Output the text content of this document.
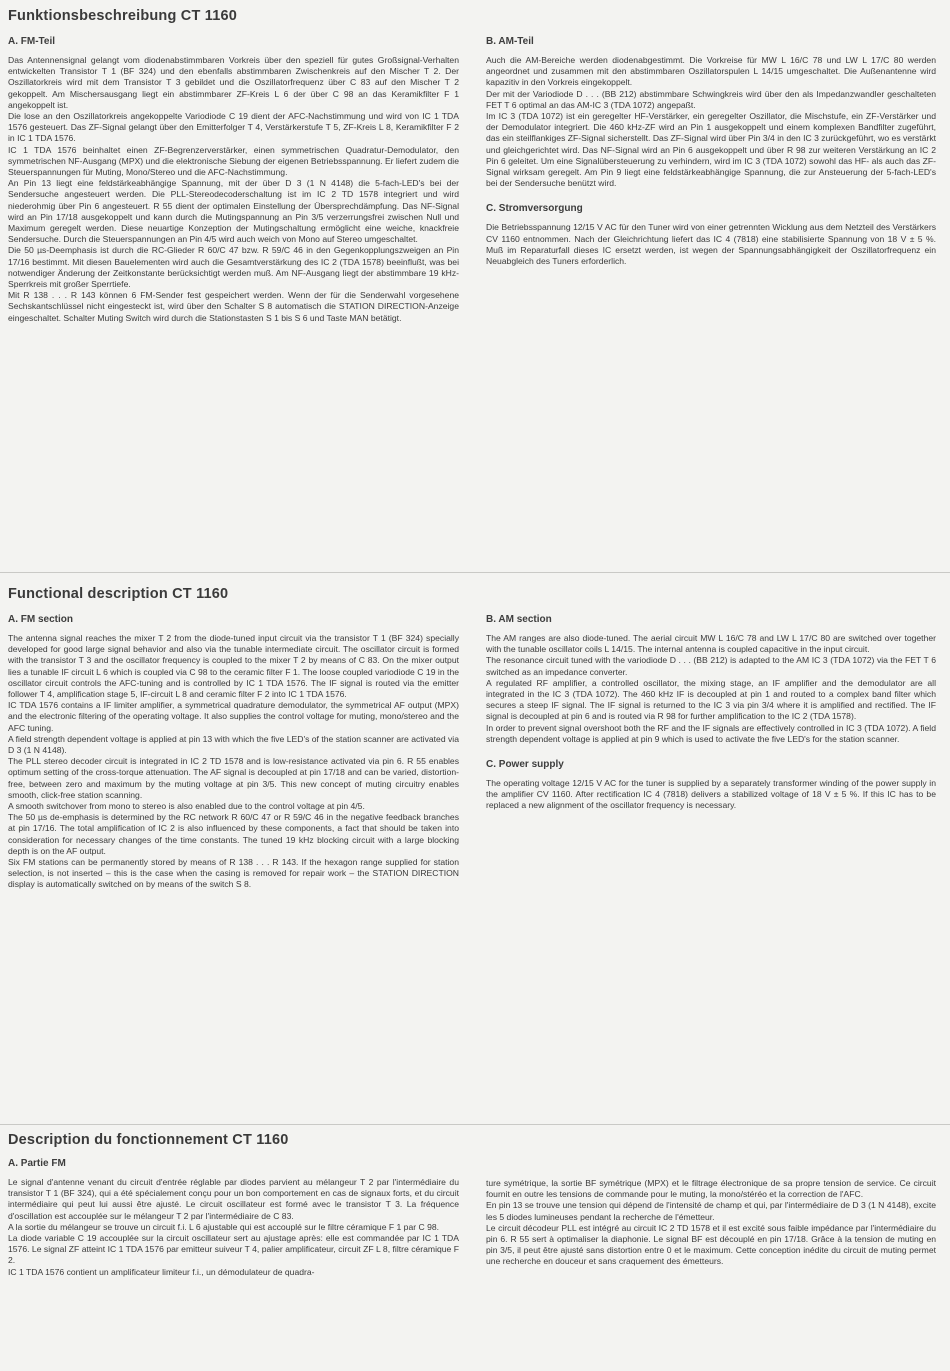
Funktionsbeschreibung CT 1160
A. FM-Teil

Das Antennensignal gelangt vom diodenabstimmbaren Vorkreis über den speziell für gutes Großsignal-Verhalten entwickelten Transistor T 1 (BF 324) und den ebenfalls abstimmbaren Zwischenkreis auf den Mischer T 2. Der Oszillatorkreis wird mit dem Transistor T 3 gebildet und die Oszillatorfrequenz über C 83 auf den Mischer T 2 gekoppelt. Am Mischersausgang liegt ein abstimmbarer ZF-Kreis L 6 der über C 98 an das Keramikfilter F 1 angekoppelt ist.

Die lose an den Oszillatorkreis angekoppelte Variodiode C 19 dient der AFC-Nachstimmung und wird von IC 1 TDA 1576 gesteuert. Das ZF-Signal gelangt über den Emitterfolger T 4, Verstärkerstufe T 5, ZF-Kreis L 8, Keramikfilter F 2 in IC 1 TDA 1576.

IC 1 TDA 1576 beinhaltet einen ZF-Begrenzerverstärker, einen symmetrischen Quadratur-Demodulator, den symmetrischen NF-Ausgang (MPX) und die elektronische Siebung der eigenen Betriebsspannung. Er liefert zudem die Steuerspannungen für Muting, Mono/Stereo und die AFC-Nachstimmung.

An Pin 13 liegt eine feldstärkeabhängige Spannung, mit der über D 3 (1 N 4148) die 5-fach-LED's bei der Sendersuche angesteuert werden. Die PLL-Stereodecoderschaltung ist im IC 2 TD 1578 integriert und wird niederohmig über Pin 6 angesteuert. R 55 dient der optimalen Einstellung der Übersprechdämpfung. Das NF-Signal wird an Pin 17/18 ausgekoppelt und kann durch die Mutingspannung an Pin 3/5 verzerrungsfrei zwischen Null und Maximum geregelt werden. Diese neuartige Konzeption der Mutingschaltung ermöglicht eine weiche, knackfreie Sendersuche. Durch die Steuerspannungen an Pin 4/5 wird auch weich von Mono auf Stereo umgeschaltet.

Die 50 µs-Deemphasis ist durch die RC-Glieder R 60/C 47 bzw. R 59/C 46 in den Gegenkopplungszweigen an Pin 17/16 bestimmt. Mit diesen Bauelementen wird auch die Gesamtverstärkung des IC 2 (TDA 1578) beeinflußt, was bei notwendiger Änderung der Zeitkonstante berücksichtigt werden muß. Am NF-Ausgang liegt der abstimmbare 19 kHz-Sperrkreis mit großer Sperrtiefe.

Mit R 138 . . . R 143 können 6 FM-Sender fest gespeichert werden. Wenn der für die Senderwahl vorgesehene Sechskantschlüssel nicht eingesteckt ist, wird über den Schalter S 8 automatisch die STATION DIRECTION-Anzeige eingeschaltet. Schalter Muting Switch wird durch die Stationstasten S 1 bis S 6 und Taste MAN betätigt.

B. AM-Teil

Auch die AM-Bereiche werden diodenabgestimmt. Die Vorkreise für MW L 16/C 78 und LW L 17/C 80 werden angeordnet und zusammen mit den abstimmbaren Oszillatorspulen L 14/15 umgeschaltet. Die Außenantenne wird kapazitiv in den Vorkreis eingekoppelt.

Der mit der Variodiode D . . . (BB 212) abstimmbare Schwingkreis wird über den als Impedanzwandler geschalteten FET T 6 optimal an das AM-IC 3 (TDA 1072) angepaßt.

Im IC 3 (TDA 1072) ist ein geregelter HF-Verstärker, ein geregelter Oszillator, die Mischstufe, ein ZF-Verstärker und der Demodulator integriert. Die 460 kHz-ZF wird an Pin 1 ausgekoppelt und einem komplexen Bandfilter zugeführt, das ein steilflankiges ZF-Signal sicherstellt. Das ZF-Signal wird über Pin 3/4 in den IC 3 zurückgeführt, wo es verstärkt und gleichgerichtet wird. Das NF-Signal wird an Pin 6 ausgekoppelt und über R 98 zur weiteren Verstärkung an IC 2 Pin 6 geleitet. Um eine Signalübersteuerung zu verhindern, wird im IC 3 (TDA 1072) sowohl das HF- als auch das ZF-Signal wirksam geregelt. Am Pin 9 liegt eine feldstärkeabhängige Spannung, die zur Ansteuerung der 5-fach-LED's bei der Sendersuche benützt wird.

C. Stromversorgung

Die Betriebsspannung 12/15 V AC für den Tuner wird von einer getrennten Wicklung aus dem Netzteil des Verstärkers CV 1160 entnommen. Nach der Gleichrichtung liefert das IC 4 (7818) eine stabilisierte Spannung von 18 V ± 5 %. Muß im Reparaturfall dieses IC ersetzt werden, ist wegen der Spannungsabhängigkeit der Oszillatorfrequenz ein Neuabgleich des Tuners erforderlich.

Functional description CT 1160
A. FM section

The antenna signal reaches the mixer T 2 from the diode-tuned input circuit via the transistor T 1 (BF 324) specially developed for good large signal behavior and also via the tunable intermediate circuit. The oscillator circuit is formed with the transistor T 3 and the oscillator frequency is coupled to the mixer T 2 by means of C 83. On the mixer output lies a tunable IF circuit L 6 which is coupled via C 98 to the ceramic filter F 1. The loose coupled variodiode C 19 in the oscillator circuit controls the AFC-tuning and is controlled by IC 1 TDA 1576. The IF signal is routed via the emitter follower T 4, amplification stage 5, IF-circuit L 8 and ceramic filter F 2 into IC 1 TDA 1576.

IC TDA 1576 contains a IF limiter amplifier, a symmetrical quadrature demodulator, the symmetrical AF output (MPX) and the electronic filtering of the operating voltage. It also supplies the control voltage for muting, mono/stereo and the AFC tuning.

A field strength dependent voltage is applied at pin 13 with which the five LED's of the station scanner are activated via D 3 (1 N 4148).

The PLL stereo decoder circuit is integrated in IC 2 TD 1578 and is low-resistance activated via pin 6. R 55 enables optimum setting of the cross-torque attenuation. The AF signal is decoupled at pin 17/18 and can be varied, distortion-free, between zero and maximum by the muting voltage at pin 3/5. This new concept of muting circuitry enables smooth, click-free station scanning.

A smooth switchover from mono to stereo is also enabled due to the control voltage at pin 4/5.

The 50 µs de-emphasis is determined by the RC network R 60/C 47 or R 59/C 46 in the negative feedback branches at pin 17/16. The total amplification of IC 2 is also influenced by these components, a fact that should be taken into consideration for necessary changes of the time constants. The tuned 19 kHz blocking circuit with a large blocking depth is on the AF output.

Six FM stations can be permanently stored by means of R 138 . . . R 143. If the hexagon range supplied for station selection, is not inserted – this is the case when the casing is removed for repair work – the STATION DIRECTION display is automatically switched on by means of the switch S 8.

B. AM section

The AM ranges are also diode-tuned. The aerial circuit MW L 16/C 78 and LW L 17/C 80 are switched over together with the tunable oscillator coils L 14/15. The internal antenna is coupled capacitive in the input circuit.

The resonance circuit tuned with the variodiode D . . . (BB 212) is adapted to the AM IC 3 (TDA 1072) via the FET T 6 switched as an impedance converter.

A regulated RF amplifier, a controlled oscillator, the mixing stage, an IF amplifier and the demodulator are all integrated in the IC 3 (TDA 1072). The 460 kHz IF is decoupled at pin 1 and routed to a complex band filter which secures a steep IF signal. The IF signal is returned to the IC 3 via pin 3/4 where it is amplified and rectified. The IF signal is decoupled at pin 6 and is routed via R 98 for further amplification to the IC 2 (TDA 1578).

In order to prevent signal overshoot both the RF and the IF signals are effectively controlled in IC 3 (TDA 1072). A field strength dependent voltage is applied at pin 9 which is used to activate the five LED's for the station scanner.

C. Power supply

The operating voltage 12/15 V AC for the tuner is supplied by a separately transformer winding of the power supply in the amplifier CV 1160. After rectification IC 4 (7818) delivers a stabilized voltage of 18 V ± 5 %. If this IC has to be replaced a new alignment of the oscillator frequency is necessary.

Description du fonctionnement CT 1160
A. Partie FM

Le signal d'antenne venant du circuit d'entrée réglable par diodes parvient au mélangeur T 2 par l'intermédiaire du transistor T 1 (BF 324), qui a été spécialement conçu pour un bon comportement en cas de signaux forts, et du circuit intermédiaire qui peut lui aussi être ajusté. Le circuit oscillateur est formé avec le transistor T 3. La fréquence d'oscillation est accouplée sur le mélangeur T 2 par l'intermédiaire de C 83.

A la sortie du mélangeur se trouve un circuit f.i. L 6 ajustable qui est accouplé sur le filtre céramique F 1 par C 98.

La diode variable C 19 accouplée sur la circuit oscillateur sert au ajustage après: elle est commandée par IC 1 TDA 1576. Le signal ZF atteint IC 1 TDA 1576 par emitteur suiveur T 4, palier amplificateur, circuit ZF L 8, filtre céramique F 2.

IC 1 TDA 1576 contient un amplificateur limiteur f.i., un démodulateur de quadra-

ture symétrique, la sortie BF symétrique (MPX) et le filtrage électronique de sa propre tension de service. Ce circuit fournit en outre les tensions de commande pour le muting, la mono/stéréo et la correction de l'AFC.

En pin 13 se trouve une tension qui dépend de l'intensité de champ et qui, par l'intermédiaire de D 3 (1 N 4148), excite les 5 diodes lumineuses pendant la recherche de l'émetteur.

Le circuit décodeur PLL est intégré au circuit IC 2 TD 1578 et il est excité sous faible impédance par l'intermédiaire du pin 6. R 55 sert à optimaliser la diaphonie. Le signal BF est découplé en pin 17/18. Grâce à la tension de muting en pin 3/5, il peut être ajusté sans distortion entre 0 et le maximum. Cette conception inédite du circuit de muting permet une recherche en douceur et sans craquement des émetteurs.
